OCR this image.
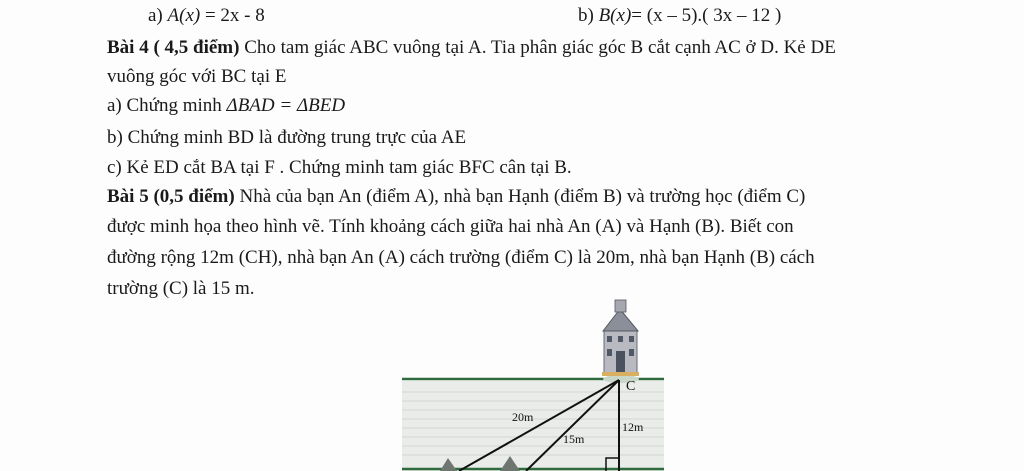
a) A(x) = 2x - 8	b) B(x)= (x – 5).( 3x – 12 )
Bài 4 ( 4,5 điểm) Cho tam giác ABC vuông tại A. Tia phân giác góc B cắt cạnh AC ở D. Kẻ DE
vuông góc với BC tại E
a) Chứng minh ΔBAD = ΔBED
b) Chứng minh BD là đường trung trực của AE
c) Kẻ ED cắt BA tại F . Chứng minh tam giác BFC cân tại B.
Bài 5 (0,5 điểm) Nhà của bạn An (điểm A), nhà bạn Hạnh (điểm B) và trường học (điểm C)
được minh họa theo hình vẽ. Tính khoảng cách giữa hai nhà An (A) và Hạnh (B). Biết con
đường rộng 12m (CH), nhà bạn An (A) cách trường (điểm C) là 20m, nhà bạn Hạnh (B) cách
trường (C) là 15 m.
C
20m
15m
12m
